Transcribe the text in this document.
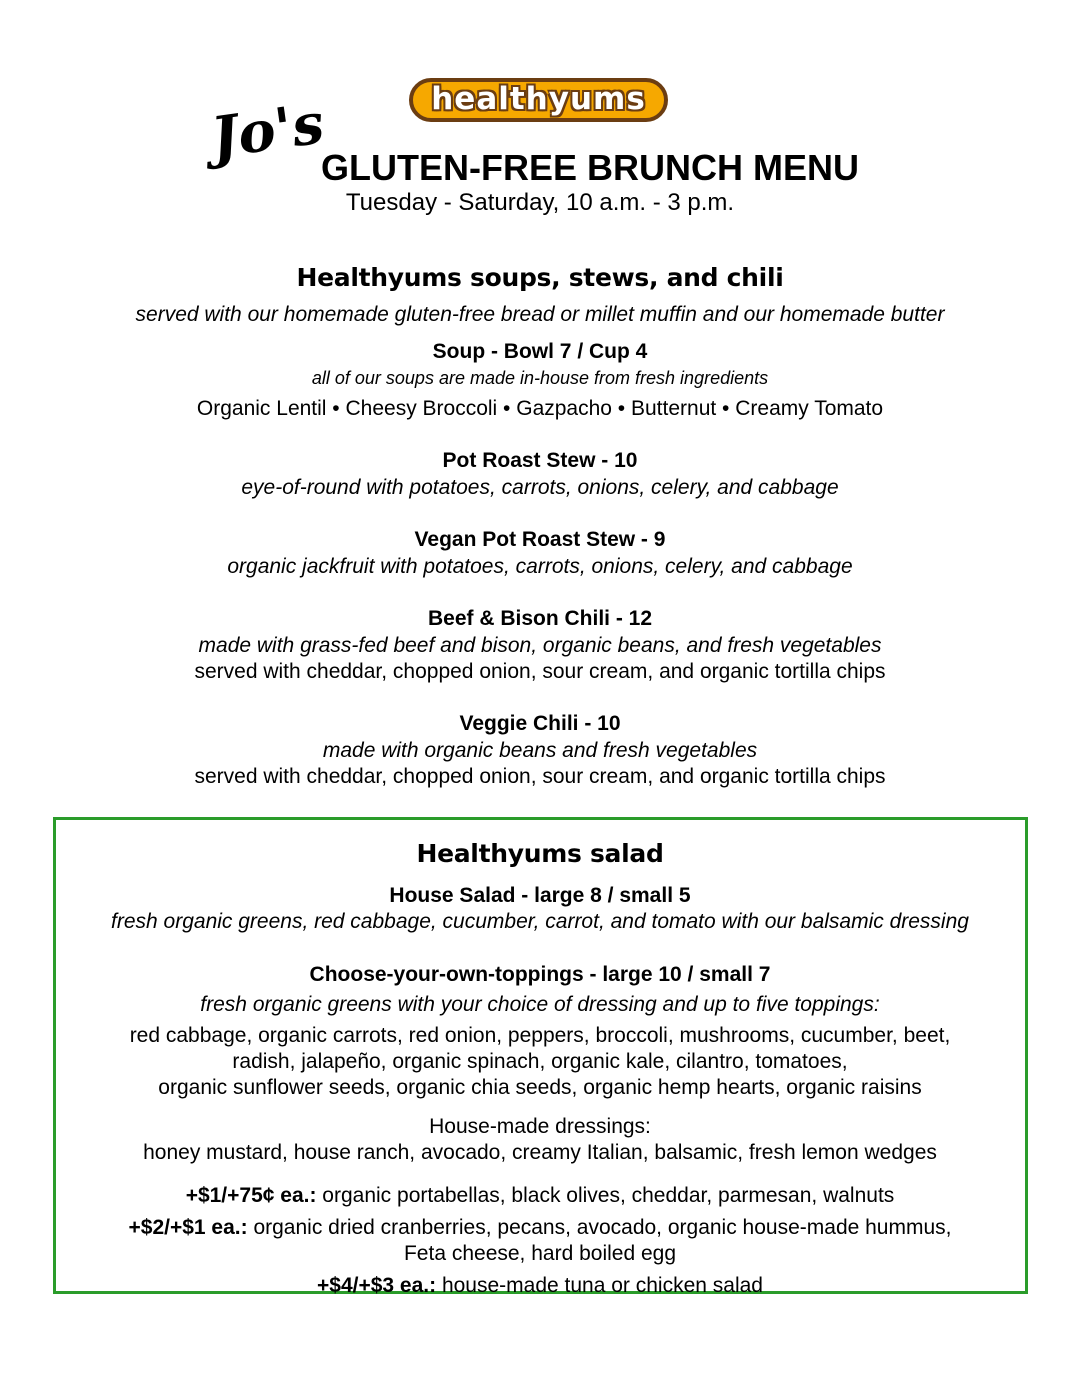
healthyums
Jo's
GLUTEN-FREE BRUNCH MENU
Tuesday - Saturday, 10 a.m. - 3 p.m.
Healthyums soups, stews, and chili
served with our homemade gluten-free bread or millet muffin and our homemade butter
Soup - Bowl 7 / Cup 4
all of our soups are made in-house from fresh ingredients
Organic Lentil • Cheesy Broccoli • Gazpacho • Butternut • Creamy Tomato
Pot Roast Stew - 10
eye-of-round with potatoes, carrots, onions, celery, and cabbage
Vegan Pot Roast Stew - 9
organic jackfruit with potatoes, carrots, onions, celery, and cabbage
Beef & Bison Chili - 12
made with grass-fed beef and bison, organic beans, and fresh vegetables
served with cheddar, chopped onion, sour cream, and organic tortilla chips
Veggie Chili - 10
made with organic beans and fresh vegetables
served with cheddar, chopped onion, sour cream, and organic tortilla chips
Healthyums salad
House Salad - large 8 / small 5
fresh organic greens, red cabbage, cucumber, carrot, and tomato with our balsamic dressing
Choose-your-own-toppings - large 10 / small 7
fresh organic greens with your choice of dressing and up to five toppings:
red cabbage, organic carrots, red onion, peppers, broccoli, mushrooms, cucumber, beet,
radish, jalapeño, organic spinach, organic kale, cilantro, tomatoes,
organic sunflower seeds, organic chia seeds, organic hemp hearts, organic raisins
House-made dressings:
honey mustard, house ranch, avocado, creamy Italian, balsamic, fresh lemon wedges
+$1/+75¢ ea.: organic portabellas, black olives, cheddar, parmesan, walnuts
+$2/+$1 ea.: organic dried cranberries, pecans, avocado, organic house-made hummus,
Feta cheese, hard boiled egg
+$4/+$3 ea.: house-made tuna or chicken salad
